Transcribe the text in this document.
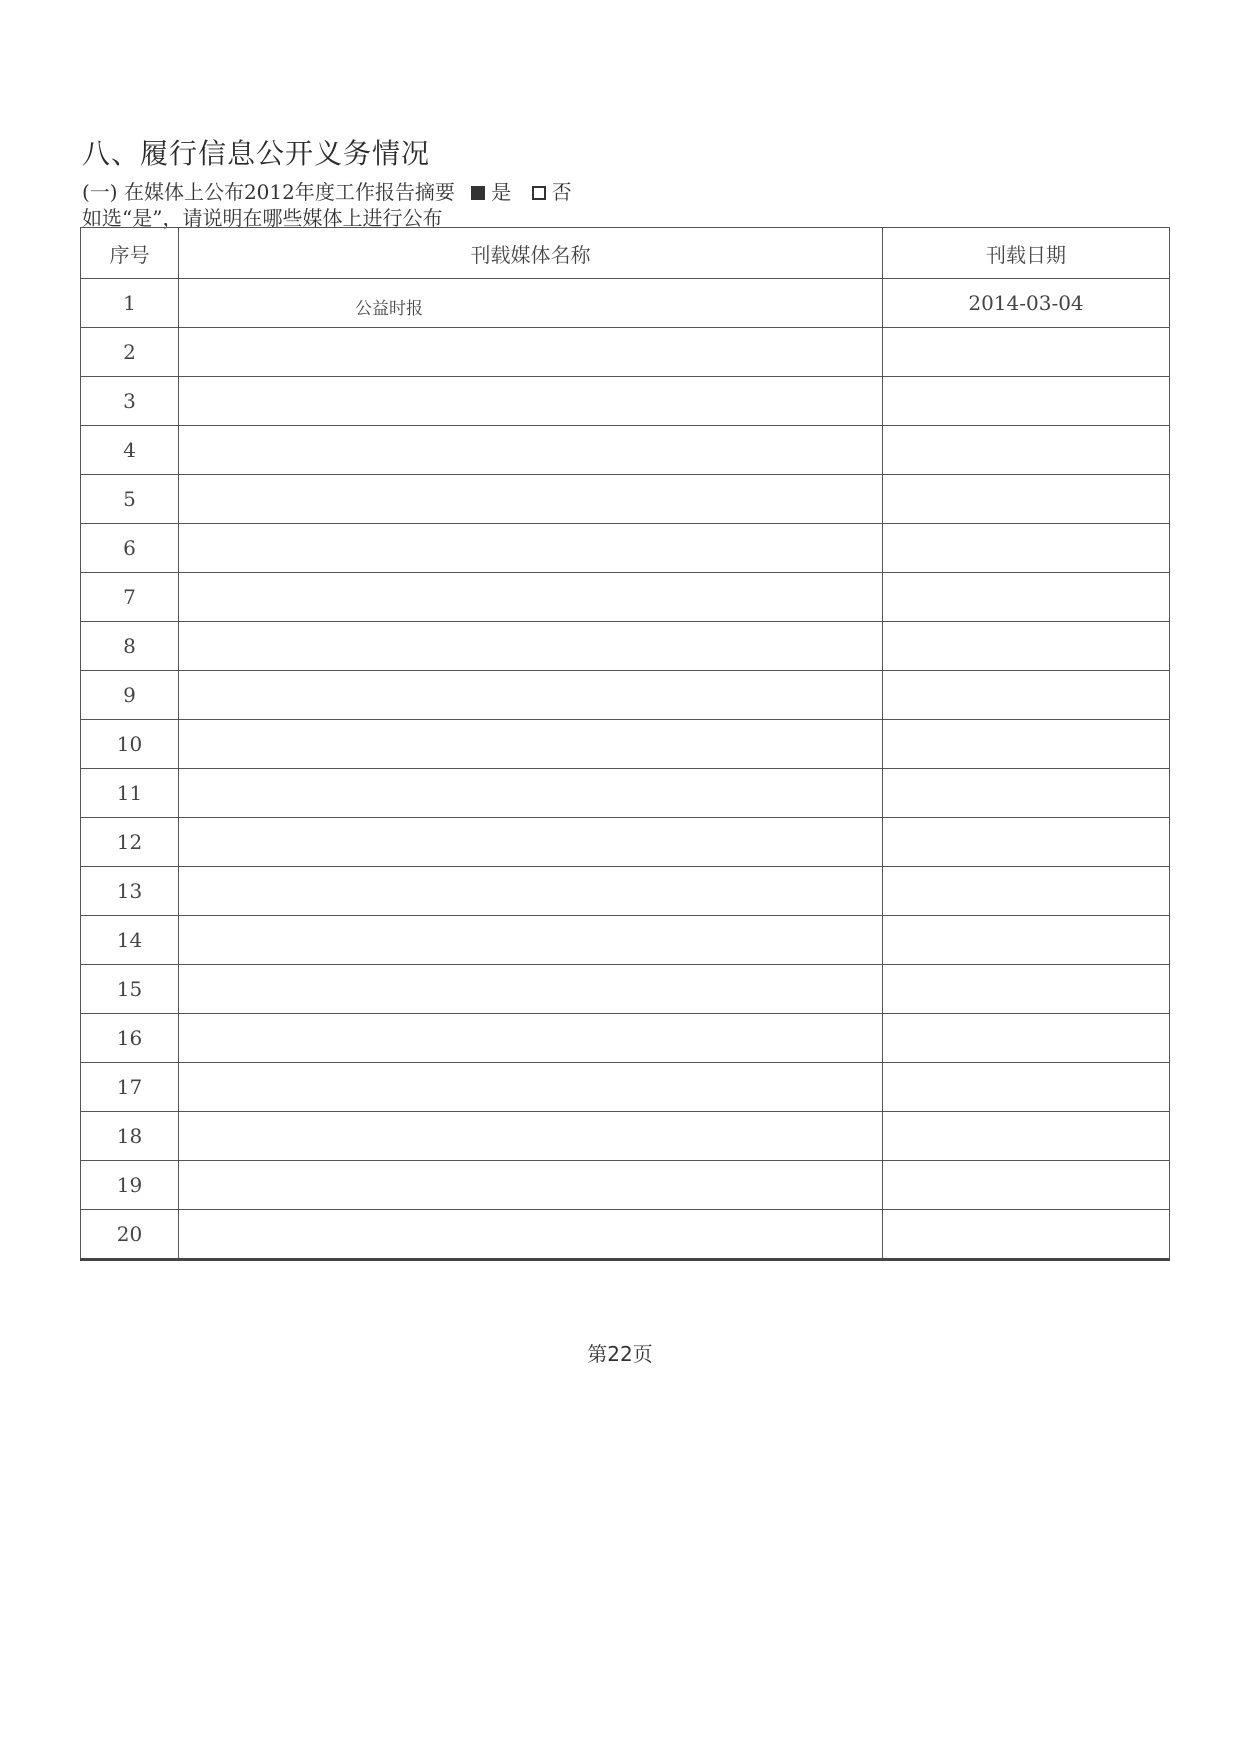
八、履行信息公开义务情况
(一) 在媒体上公布2012年度工作报告摘要 是 否
如选“是”，请说明在哪些媒体上进行公布
序号	刊载媒体名称	刊载日期
1	公益时报	2014-03-04
2	

3	

4	

5	

6	

7	

8	

9	

10	

11	

12	

13	

14	

15	

16	

17	

18	

19	

20	

第22页
